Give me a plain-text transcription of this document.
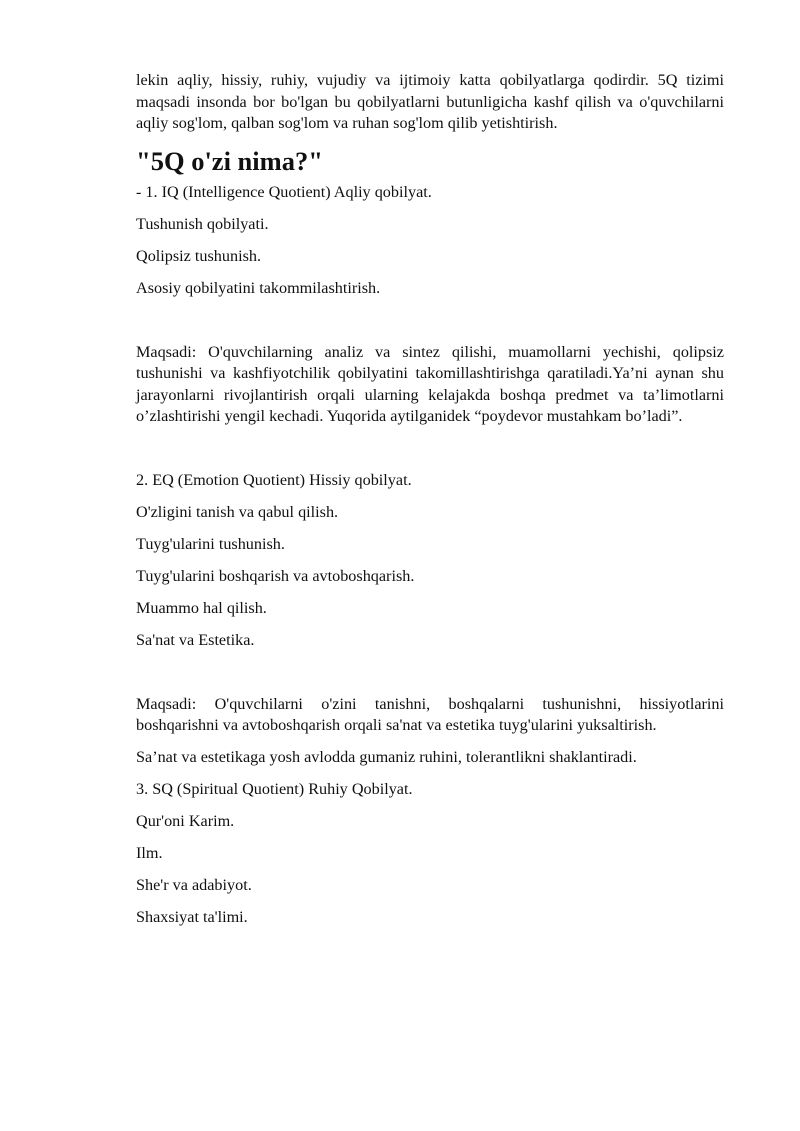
lekin aqliy, hissiy, ruhiy, vujudiy va ijtimoiy katta qobilyatlarga qodirdir. 5Q tizimi maqsadi insonda bor bo'lgan bu qobilyatlarni butunligicha kashf qilish va o'quvchilarni aqliy sog'lom, qalban sog'lom va ruhan sog'lom qilib yetishtirish.

"5Q o'zi nima?"

- 1. IQ (Intelligence Quotient) Aqliy qobilyat.

Tushunish qobilyati.

Qolipsiz tushunish.

Asosiy qobilyatini takommilashtirish.

Maqsadi: O'quvchilarning analiz va sintez qilishi, muamollarni yechishi, qolipsiz tushunishi va kashfiyotchilik qobilyatini takomillashtirishga qaratiladi.Ya’ni aynan shu jarayonlarni rivojlantirish orqali ularning kelajakda boshqa predmet va ta’limotlarni o’zlashtirishi yengil kechadi. Yuqorida aytilganidek “poydevor mustahkam bo’ladi”.

2. EQ (Emotion Quotient) Hissiy qobilyat.

O'zligini tanish va qabul qilish.

Tuyg'ularini tushunish.

Tuyg'ularini boshqarish va avtoboshqarish.

Muammo hal qilish.

Sa'nat va Estetika.

Maqsadi: O'quvchilarni o'zini tanishni, boshqalarni tushunishni, hissiyotlarini boshqarishni va avtoboshqarish orqali sa'nat va estetika tuyg'ularini yuksaltirish.

Sa’nat va estetikaga yosh avlodda gumaniz ruhini, tolerantlikni shaklantiradi.

3. SQ (Spiritual Quotient) Ruhiy Qobilyat.

Qur'oni Karim.

Ilm.

She'r va adabiyot.

Shaxsiyat ta'limi.
